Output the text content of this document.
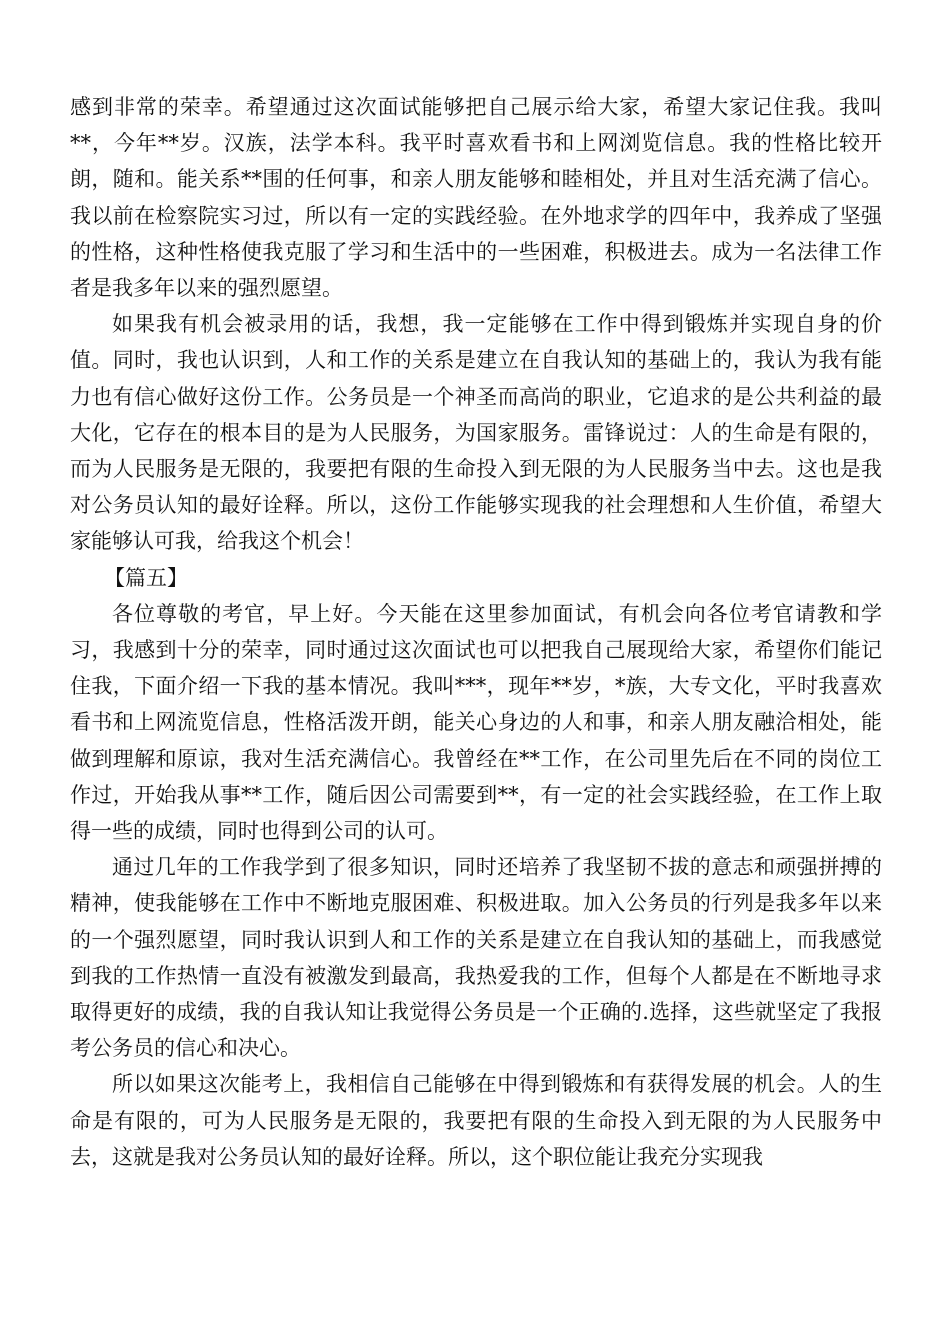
感到非常的荣幸。希望通过这次面试能够把自己展示给大家，希望大家记住我。我叫**，今年**岁。汉族，法学本科。我平时喜欢看书和上网浏览信息。我的性格比较开朗，随和。能关系**围的任何事，和亲人朋友能够和睦相处，并且对生活充满了信心。我以前在检察院实习过，所以有一定的实践经验。在外地求学的四年中，我养成了坚强的性格，这种性格使我克服了学习和生活中的一些困难，积极进去。成为一名法律工作者是我多年以来的强烈愿望。

如果我有机会被录用的话，我想，我一定能够在工作中得到锻炼并实现自身的价值。同时，我也认识到，人和工作的关系是建立在自我认知的基础上的，我认为我有能力也有信心做好这份工作。公务员是一个神圣而高尚的职业，它追求的是公共利益的最大化，它存在的根本目的是为人民服务，为国家服务。雷锋说过：人的生命是有限的，而为人民服务是无限的，我要把有限的生命投入到无限的为人民服务当中去。这也是我对公务员认知的最好诠释。所以，这份工作能够实现我的社会理想和人生价值，希望大家能够认可我，给我这个机会！

【篇五】

各位尊敬的考官，早上好。今天能在这里参加面试，有机会向各位考官请教和学习，我感到十分的荣幸，同时通过这次面试也可以把我自己展现给大家，希望你们能记住我，下面介绍一下我的基本情况。我叫***，现年**岁，*族，大专文化，平时我喜欢看书和上网流览信息，性格活泼开朗，能关心身边的人和事，和亲人朋友融洽相处，能做到理解和原谅，我对生活充满信心。我曾经在**工作，在公司里先后在不同的岗位工作过，开始我从事**工作，随后因公司需要到**，有一定的社会实践经验，在工作上取得一些的成绩，同时也得到公司的认可。

通过几年的工作我学到了很多知识，同时还培养了我坚韧不拔的意志和顽强拼搏的精神，使我能够在工作中不断地克服困难、积极进取。加入公务员的行列是我多年以来的一个强烈愿望，同时我认识到人和工作的关系是建立在自我认知的基础上，而我感觉到我的工作热情一直没有被激发到最高，我热爱我的工作，但每个人都是在不断地寻求取得更好的成绩，我的自我认知让我觉得公务员是一个正确的.选择，这些就坚定了我报考公务员的信心和决心。

所以如果这次能考上，我相信自己能够在中得到锻炼和有获得发展的机会。人的生命是有限的，可为人民服务是无限的，我要把有限的生命投入到无限的为人民服务中去，这就是我对公务员认知的最好诠释。所以，这个职位能让我充分实现我
